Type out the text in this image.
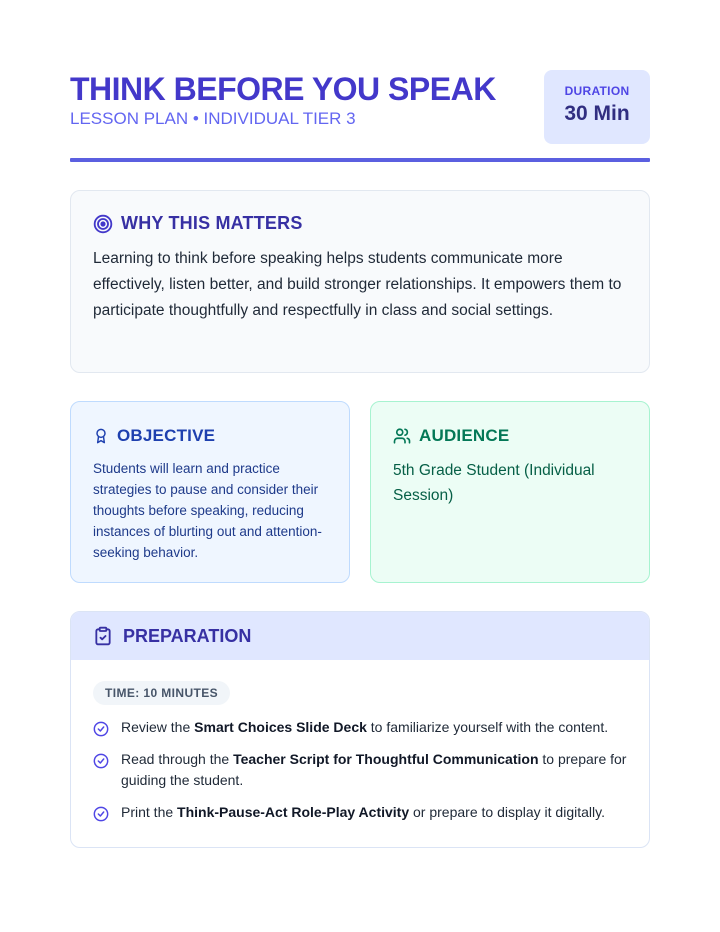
THINK BEFORE YOU SPEAK
LESSON PLAN • INDIVIDUAL TIER 3
DURATION
30 Min
WHY THIS MATTERS

Learning to think before speaking helps students communicate more effectively, listen better, and build stronger relationships. It empowers them to participate thoughtfully and respectfully in class and social settings.

OBJECTIVE

Students will learn and practice strategies to pause and consider their thoughts before speaking, reducing instances of blurting out and attention-seeking behavior.

AUDIENCE

5th Grade Student (Individual Session)

PREPARATION
TIME: 10 MINUTES
Review the Smart Choices Slide Deck to familiarize yourself with the content.
Read through the Teacher Script for Thoughtful Communication to prepare for guiding the student.
Print the Think-Pause-Act Role-Play Activity or prepare to display it digitally.
